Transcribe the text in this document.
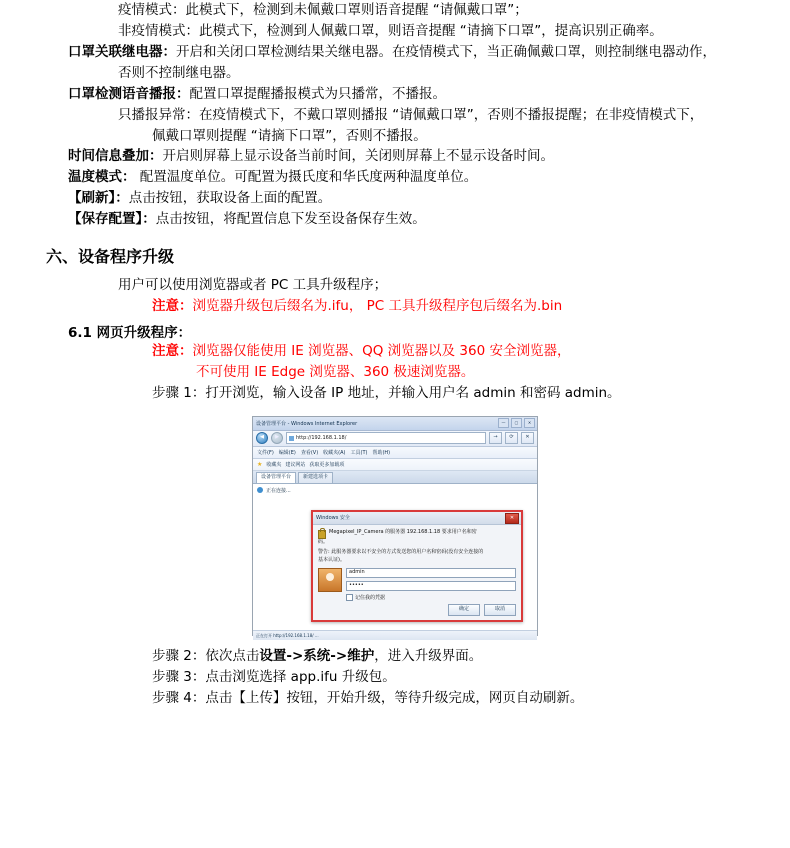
疫情模式：此模式下，检测到未佩戴口罩则语音提醒 “请佩戴口罩”；
非疫情模式：此模式下，检测到人佩戴口罩，则语音提醒 “请摘下口罩”，提高识别正确率。
口罩关联继电器：开启和关闭口罩检测结果关继电器。在疫情模式下，当正确佩戴口罩，则控制继电器动作，
否则不控制继电器。
口罩检测语音播报：配置口罩提醒播报模式为只播常，不播报。
只播报异常：在疫情模式下，不戴口罩则播报 “请佩戴口罩”，否则不播报提醒；在非疫情模式下，
佩戴口罩则提醒 “请摘下口罩”，否则不播报。
时间信息叠加：开启则屏幕上显示设备当前时间，关闭则屏幕上不显示设备时间。
温度模式： 配置温度单位。可配置为摄氏度和华氏度两种温度单位。
【刷新】：点击按钮，获取设备上面的配置。
【保存配置】：点击按钮，将配置信息下发至设备保存生效。
六、设备程序升级
用户可以使用浏览器或者 PC 工具升级程序；
注意：浏览器升级包后缀名为.ifu， PC 工具升级程序包后缀名为.bin
6.1 网页升级程序：
注意：浏览器仅能使用 IE 浏览器、QQ 浏览器以及 360 安全浏览器，
不可使用 IE Edge 浏览器、360 极速浏览器。
步骤 1：打开浏览，输入设备 IP 地址，并输入用户名 admin 和密码 admin。
设备管理平台 - Windows Internet Explorer	—	▢	✕
◀	▶	http://192.168.1.18/	→	⟳	✕
文件(F) 编辑(E) 查看(V) 收藏夹(A) 工具(T) 帮助(H)
★ 收藏夹 建议网站 获取更多加载项
设备管理平台	新建选项卡
正在连接...
Windows 安全	✕
Megapixel_IP_Camera 的服务器 192.168.1.18 要求用户名和密
码。
警告: 此服务器要求以不安全的方式发送您的用户名和密码(没有安全连接的
基本认证)。
admin
•••••
记住我的凭据
确定	取消
正在打开 http://192.168.1.18/ ...
步骤 2：依次点击设置->系统->维护，进入升级界面。
步骤 3：点击浏览选择 app.ifu 升级包。
步骤 4：点击【上传】按钮，开始升级，等待升级完成，网页自动刷新。
